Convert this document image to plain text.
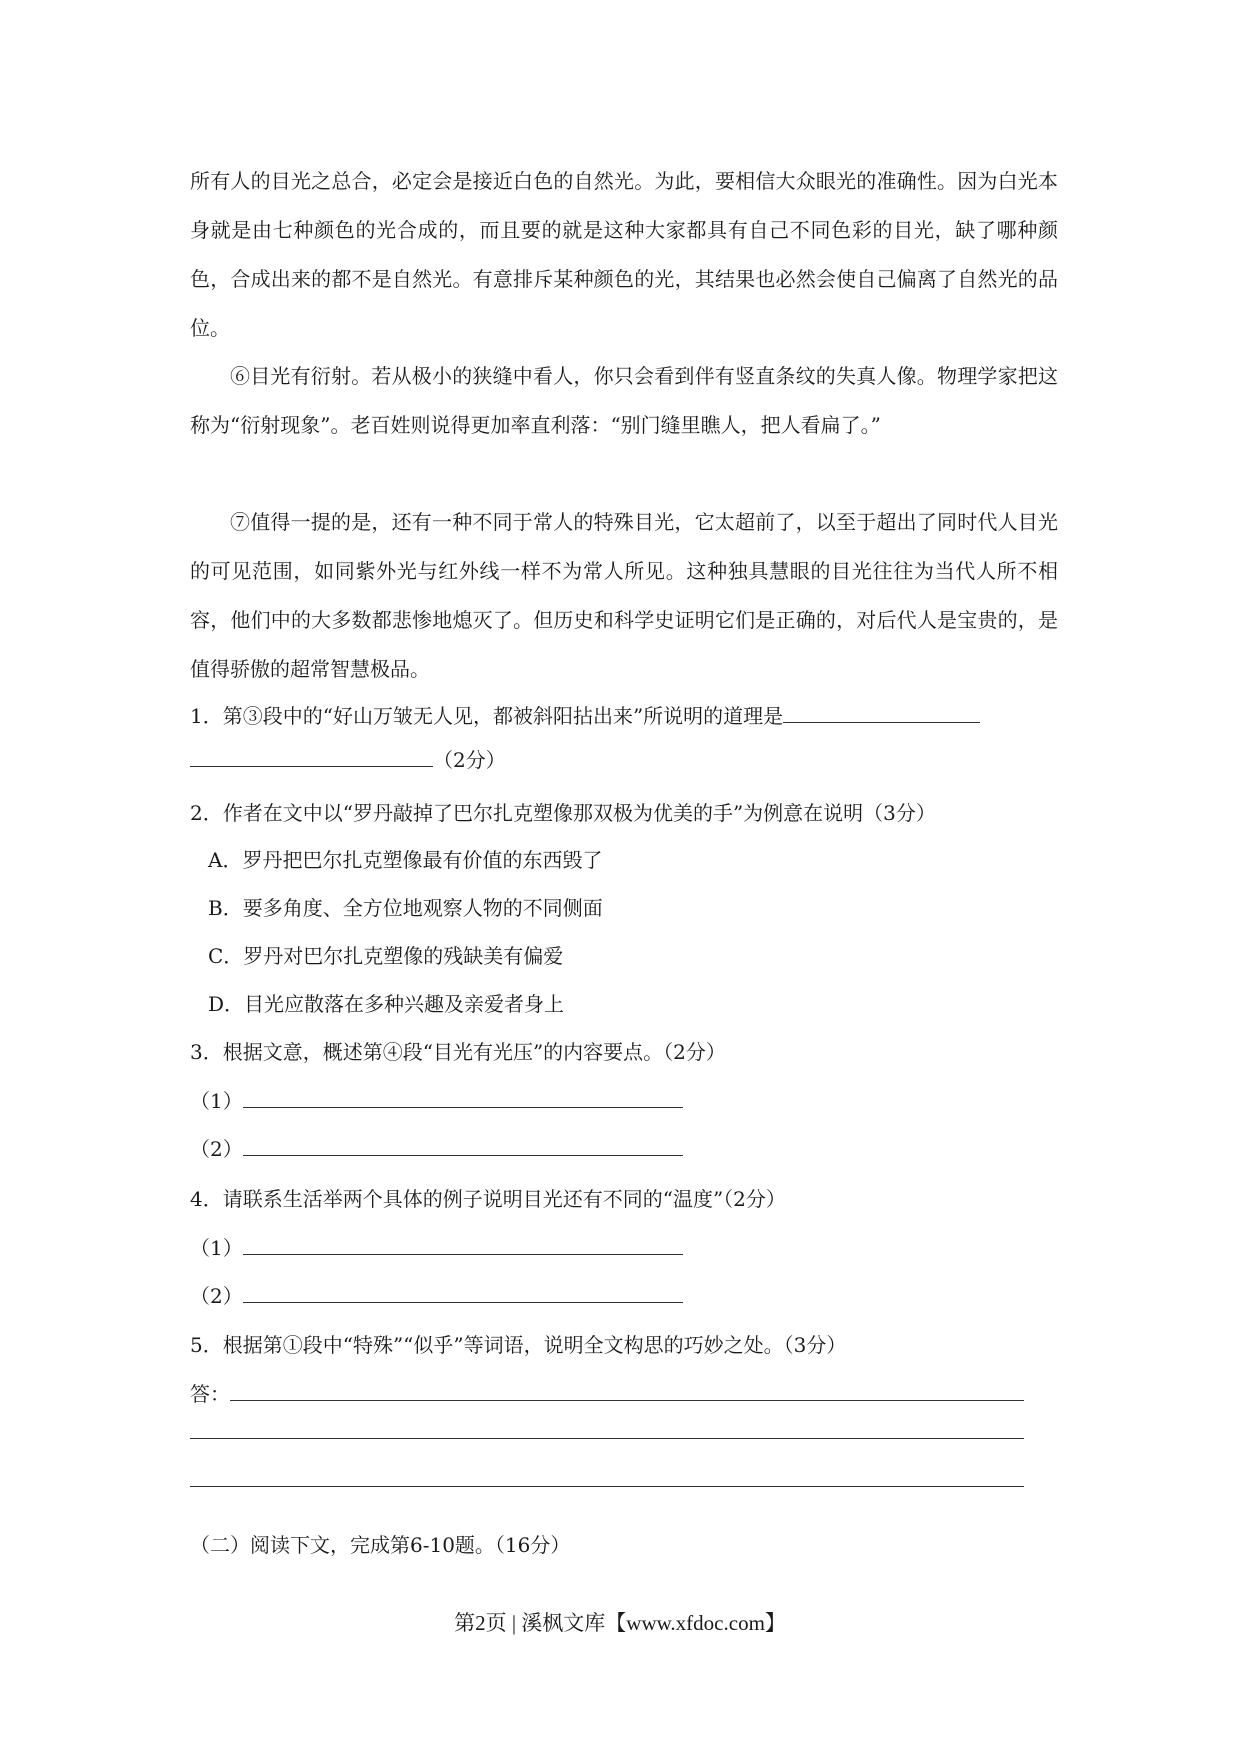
所有人的目光之总合，必定会是接近白色的自然光。为此，要相信大众眼光的准确性。因为白光本身就是由七种颜色的光合成的，而且要的就是这种大家都具有自己不同色彩的目光，缺了哪种颜色，合成出来的都不是自然光。有意排斥某种颜色的光，其结果也必然会使自己偏离了自然光的品位。

⑥目光有衍射。若从极小的狭缝中看人，你只会看到伴有竖直条纹的失真人像。物理学家把这称为“衍射现象”。老百姓则说得更加率直利落：“别门缝里瞧人，把人看扁了。”

⑦值得一提的是，还有一种不同于常人的特殊目光，它太超前了，以至于超出了同时代人目光的可见范围，如同紫外光与红外线一样不为常人所见。这种独具慧眼的目光往往为当代人所不相容，他们中的大多数都悲惨地熄灭了。但历史和科学史证明它们是正确的，对后代人是宝贵的，是值得骄傲的超常智慧极品。

1．第③段中的“好山万皱无人见，都被斜阳拈出来”所说明的道理是
（2分）
2．作者在文中以“罗丹敲掉了巴尔扎克塑像那双极为优美的手”为例意在说明（3分）
A．罗丹把巴尔扎克塑像最有价值的东西毁了
B．要多角度、全方位地观察人物的不同侧面
C．罗丹对巴尔扎克塑像的残缺美有偏爱
D．目光应散落在多种兴趣及亲爱者身上
3．根据文意，概述第④段“目光有光压”的内容要点。（2分）
（1）
（2）
4．请联系生活举两个具体的例子说明目光还有不同的“温度”（2分）
（1）
（2）
5．根据第①段中“特殊”“似乎”等词语，说明全文构思的巧妙之处。（3分）
答：
（二）阅读下文，完成第6-10题。（16分）
第2页 | 溪枫文库【www.xfdoc.com】
